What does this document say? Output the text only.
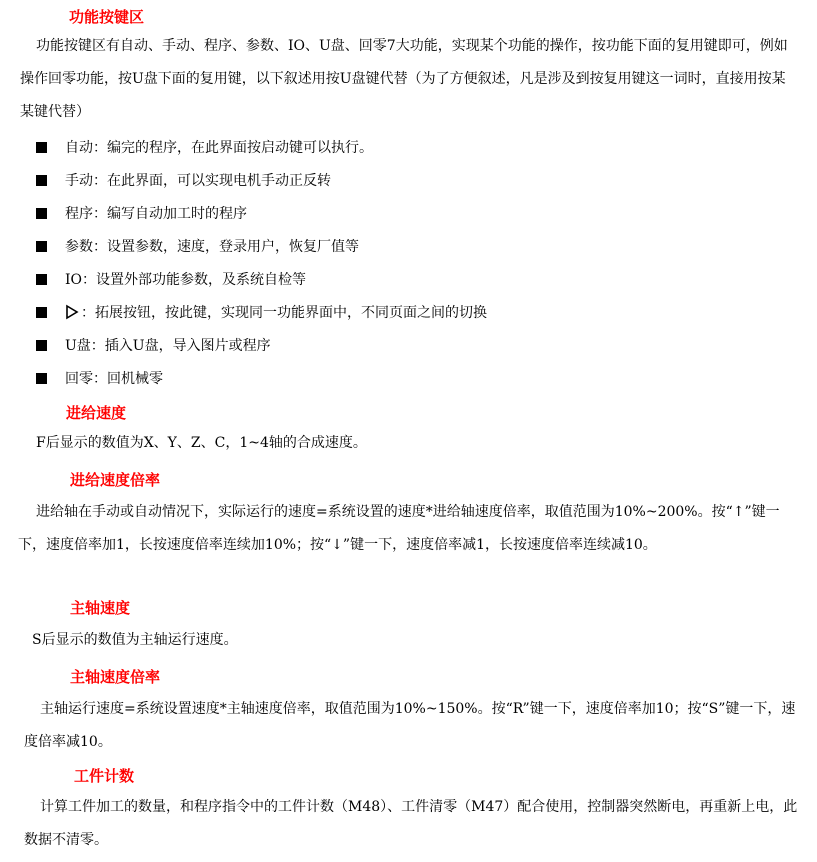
功能按键区
功能按键区有自动、手动、程序、参数、IO、U盘、回零7大功能，实现某个功能的操作，按功能下面的复用键即可，例如操作回零功能，按U盘下面的复用键，以下叙述用按U盘键代替（为了方便叙述，凡是涉及到按复用键这一词时，直接用按某某键代替）
自动：编完的程序，在此界面按启动键可以执行。
手动：在此界面，可以实现电机手动正反转
程序：编写自动加工时的程序
参数：设置参数，速度，登录用户，恢复厂值等
IO：设置外部功能参数，及系统自检等
：拓展按钮，按此键，实现同一功能界面中，不同页面之间的切换
U盘：插入U盘，导入图片或程序
回零：回机械零
进给速度
F后显示的数值为X、Y、Z、C，1~4轴的合成速度。
进给速度倍率
进给轴在手动或自动情况下，实际运行的速度=系统设置的速度*进给轴速度倍率，取值范围为10%~200%。按“↑”键一下，速度倍率加1，长按速度倍率连续加10%；按“↓”键一下，速度倍率减1，长按速度倍率连续减10。
主轴速度
S后显示的数值为主轴运行速度。
主轴速度倍率
主轴运行速度=系统设置速度*主轴速度倍率，取值范围为10%~150%。按“R”键一下，速度倍率加10；按“S”键一下，速度倍率减10。
工件计数
计算工件加工的数量，和程序指令中的工件计数（M48）、工件清零（M47）配合使用，控制器突然断电，再重新上电，此数据不清零。
